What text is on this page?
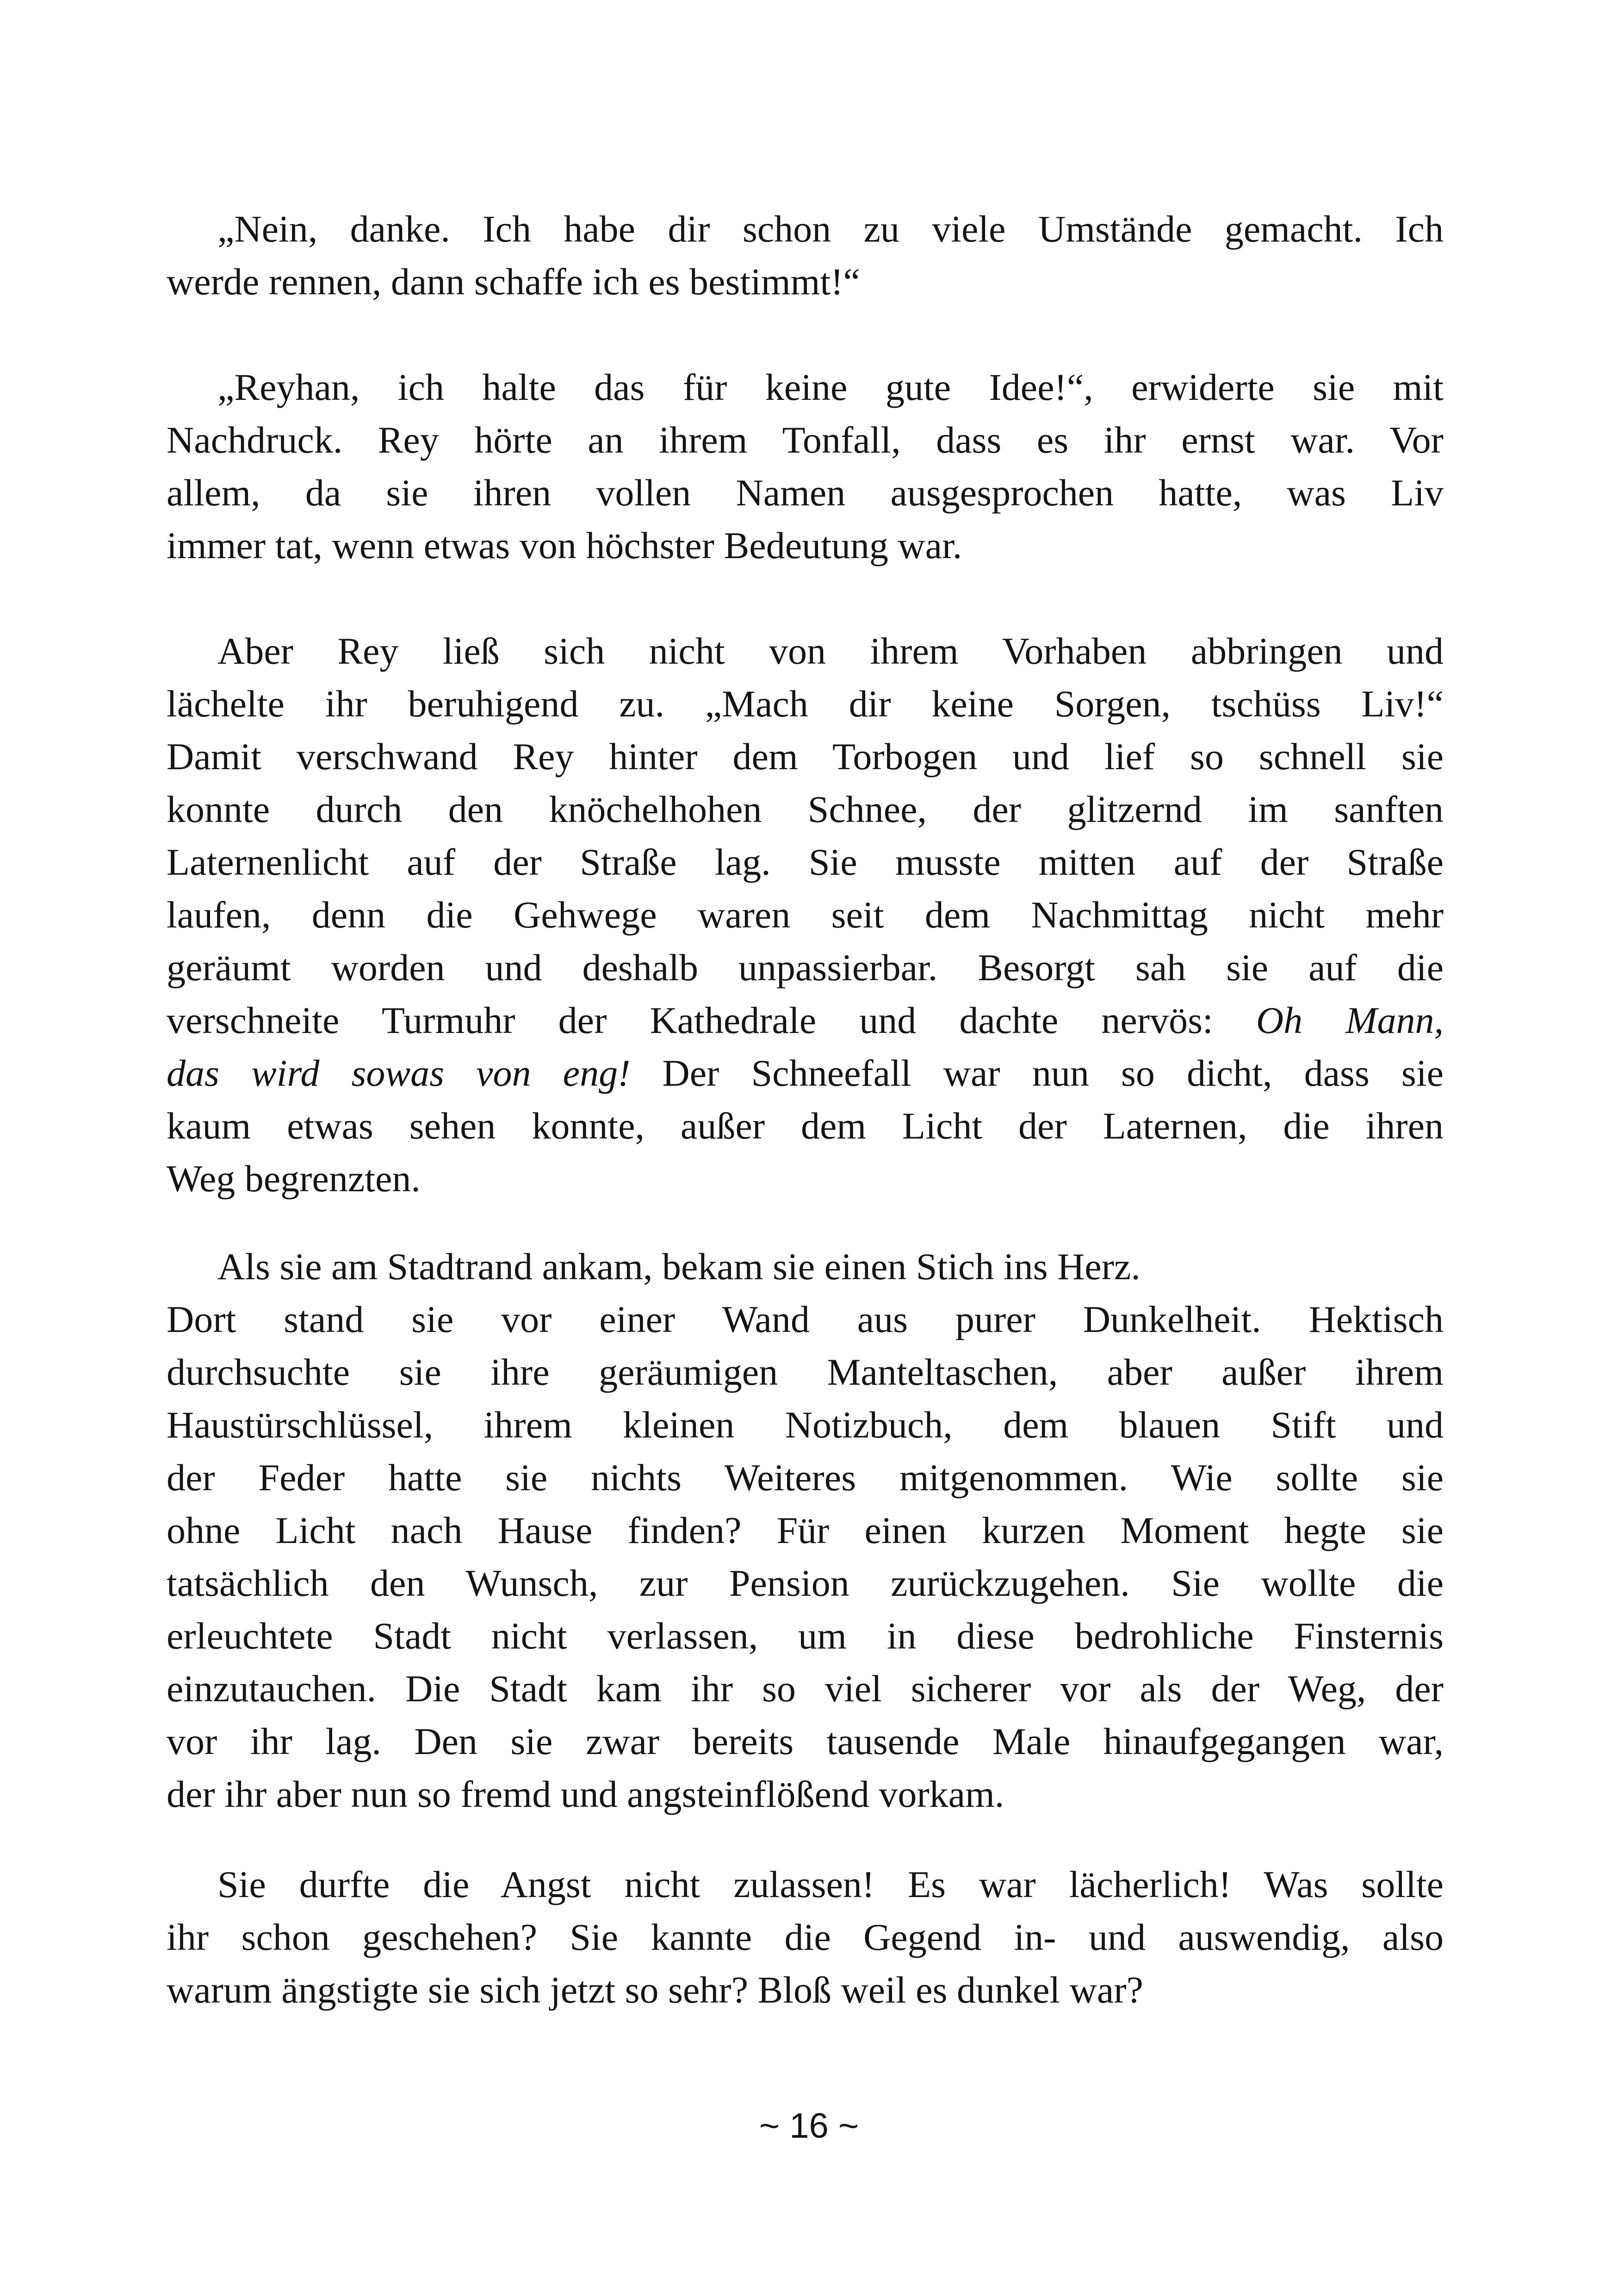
„Nein, danke. Ich habe dir schon zu viele Umstände gemacht. Ich
werde rennen, dann schaffe ich es bestimmt!“
„Reyhan, ich halte das für keine gute Idee!“, erwiderte sie mit
Nachdruck. Rey hörte an ihrem Tonfall, dass es ihr ernst war. Vor
allem, da sie ihren vollen Namen ausgesprochen hatte, was Liv
immer tat, wenn etwas von höchster Bedeutung war.
Aber Rey ließ sich nicht von ihrem Vorhaben abbringen und
lächelte ihr beruhigend zu. „Mach dir keine Sorgen, tschüss Liv!“
Damit verschwand Rey hinter dem Torbogen und lief so schnell sie
konnte durch den knöchelhohen Schnee, der glitzernd im sanften
Laternenlicht auf der Straße lag. Sie musste mitten auf der Straße
laufen, denn die Gehwege waren seit dem Nachmittag nicht mehr
geräumt worden und deshalb unpassierbar. Besorgt sah sie auf die
verschneite Turmuhr der Kathedrale und dachte nervös: Oh Mann,
das wird sowas von eng! Der Schneefall war nun so dicht, dass sie
kaum etwas sehen konnte, außer dem Licht der Laternen, die ihren
Weg begrenzten.
Als sie am Stadtrand ankam, bekam sie einen Stich ins Herz.
Dort stand sie vor einer Wand aus purer Dunkelheit. Hektisch
durchsuchte sie ihre geräumigen Manteltaschen, aber außer ihrem
Haustürschlüssel, ihrem kleinen Notizbuch, dem blauen Stift und
der Feder hatte sie nichts Weiteres mitgenommen. Wie sollte sie
ohne Licht nach Hause finden? Für einen kurzen Moment hegte sie
tatsächlich den Wunsch, zur Pension zurückzugehen. Sie wollte die
erleuchtete Stadt nicht verlassen, um in diese bedrohliche Finsternis
einzutauchen. Die Stadt kam ihr so viel sicherer vor als der Weg, der
vor ihr lag. Den sie zwar bereits tausende Male hinaufgegangen war,
der ihr aber nun so fremd und angsteinflößend vorkam.
Sie durfte die Angst nicht zulassen! Es war lächerlich! Was sollte
ihr schon geschehen? Sie kannte die Gegend in- und auswendig, also
warum ängstigte sie sich jetzt so sehr? Bloß weil es dunkel war?
~ 16 ~
